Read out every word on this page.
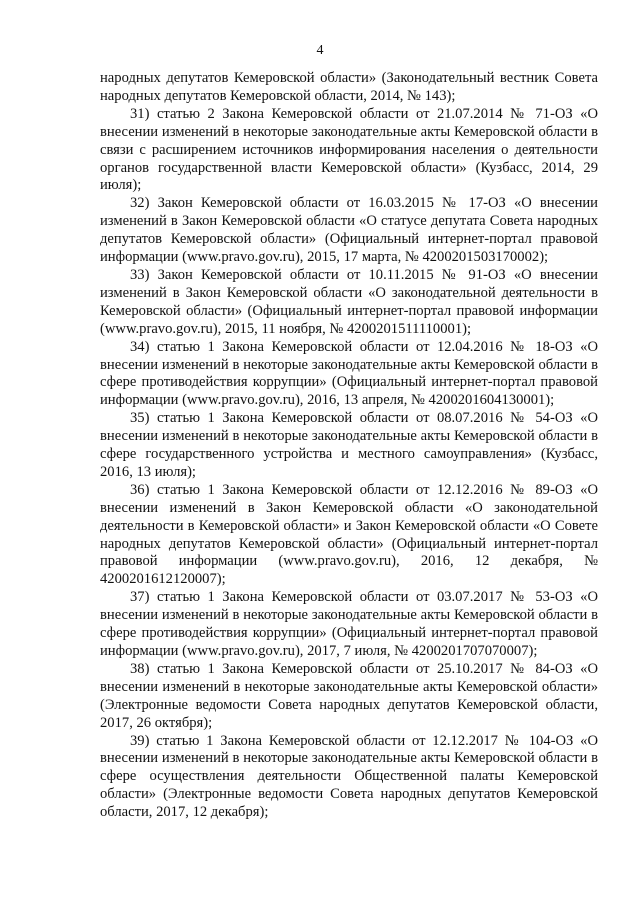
4

народных депутатов Кемеровской области» (Законодательный вестник Совета народных депутатов Кемеровской области, 2014, № 143);

31) статью 2 Закона Кемеровской области от 21.07.2014 № 71-ОЗ «О внесении изменений в некоторые законодательные акты Кемеровской области в связи с расширением источников информирования населения о деятельности органов государственной власти Кемеровской области» (Кузбасс, 2014, 29 июля);

32) Закон Кемеровской области от 16.03.2015 № 17-ОЗ «О внесении изменений в Закон Кемеровской области «О статусе депутата Совета народных депутатов Кемеровской области» (Официальный интернет-портал правовой информации (www.pravo.gov.ru), 2015, 17 марта, № 4200201503170002);

33) Закон Кемеровской области от 10.11.2015 № 91-ОЗ «О внесении изменений в Закон Кемеровской области «О законодательной деятельности в Кемеровской области» (Официальный интернет-портал правовой информации (www.pravo.gov.ru), 2015, 11 ноября, № 4200201511110001);

34) статью 1 Закона Кемеровской области от 12.04.2016 № 18-ОЗ «О внесении изменений в некоторые законодательные акты Кемеровской области в сфере противодействия коррупции» (Официальный интернет-портал правовой информации (www.pravo.gov.ru), 2016, 13 апреля, № 4200201604130001);

35) статью 1 Закона Кемеровской области от 08.07.2016 № 54-ОЗ «О внесении изменений в некоторые законодательные акты Кемеровской области в сфере государственного устройства и местного самоуправления» (Кузбасс, 2016, 13 июля);

36) статью 1 Закона Кемеровской области от 12.12.2016 № 89-ОЗ «О внесении изменений в Закон Кемеровской области «О законодательной деятельности в Кемеровской области» и Закон Кемеровской области «О Совете народных депутатов Кемеровской области» (Официальный интернет-портал правовой информации (www.pravo.gov.ru), 2016, 12 декабря, № 4200201612120007);

37) статью 1 Закона Кемеровской области от 03.07.2017 № 53-ОЗ «О внесении изменений в некоторые законодательные акты Кемеровской области в сфере противодействия коррупции» (Официальный интернет-портал правовой информации (www.pravo.gov.ru), 2017, 7 июля, № 4200201707070007);

38) статью 1 Закона Кемеровской области от 25.10.2017 № 84-ОЗ «О внесении изменений в некоторые законодательные акты Кемеровской области» (Электронные ведомости Совета народных депутатов Кемеровской области, 2017, 26 октября);

39) статью 1 Закона Кемеровской области от 12.12.2017 № 104-ОЗ «О внесении изменений в некоторые законодательные акты Кемеровской области в сфере осуществления деятельности Общественной палаты Кемеровской области» (Электронные ведомости Совета народных депутатов Кемеровской области, 2017, 12 декабря);
